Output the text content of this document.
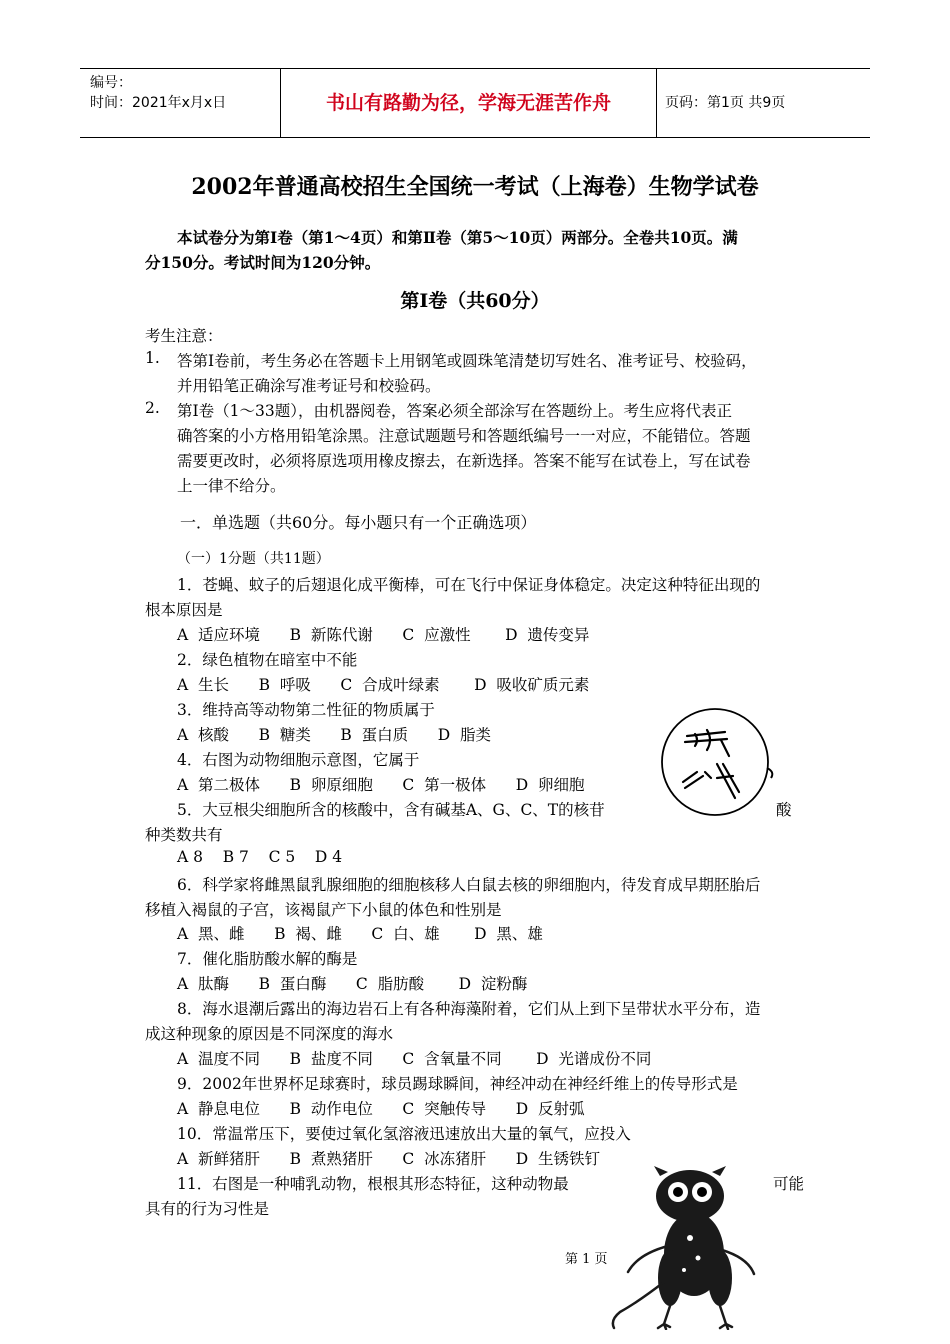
编号：
时间：2021年x月x日	书山有路勤为径，学海无涯苦作舟	页码：第1页 共9页
2002年普通高校招生全国统一考试（上海卷）生物学试卷
本试卷分为第Ⅰ卷（第1～4页）和第Ⅱ卷（第5～10页）两部分。全卷共10页。满
分150分。考试时间为120分钟。
第Ⅰ卷（共60分）
考生注意：
1. 答第Ⅰ卷前，考生务必在答题卡上用钢笔或圆珠笔清楚切写姓名、准考证号、校验码，
并用铅笔正确涂写准考证号和校验码。
2. 第Ⅰ卷（1～33题），由机器阅卷，答案必须全部涂写在答题纷上。考生应将代表正
确答案的小方格用铅笔涂黑。注意试题题号和答题纸编号一一对应，不能错位。答题
需要更改时，必须将原选项用橡皮擦去，在新选择。答案不能写在试卷上，写在试卷
上一律不给分。
一．单选题（共60分。每小题只有一个正确选项）
（一）1分题（共11题）
1．苍蝇、蚊子的后翅退化成平衡棒，可在飞行中保证身体稳定。决定这种特征出现的
根本原因是
A  适应环境      B  新陈代谢      C  应激性       D  遗传变异
2．绿色植物在暗室中不能
A  生长      B  呼吸      C  合成叶绿素       D  吸收矿质元素
3．维持高等动物第二性征的物质属于
A  核酸      B  糖类      B  蛋白质      D  脂类
4．右图为动物细胞示意图，它属于
A  第二极体      B  卵原细胞      C  第一极体      D  卵细胞
5．大豆根尖细胞所含的核酸中，含有碱基A、G、C、T的核苷	酸
种类数共有
A 8    B 7    C 5    D 4
6．科学家将雌黑鼠乳腺细胞的细胞核移人白鼠去核的卵细胞内，待发育成早期胚胎后
移植入褐鼠的子宫，该褐鼠产下小鼠的体色和性别是
A  黑、雌      B  褐、雌      C  白、雄       D  黑、雄
7．催化脂肪酸水解的酶是
A  肽酶      B  蛋白酶      C  脂肪酸       D  淀粉酶
8．海水退潮后露出的海边岩石上有各种海藻附着，它们从上到下呈带状水平分布，造
成这种现象的原因是不同深度的海水
A  温度不同      B  盐度不同      C  含氧量不同       D  光谱成份不同
9．2002年世界杯足球赛时，球员踢球瞬间，神经冲动在神经纤维上的传导形式是
A  静息电位      B  动作电位      C  突触传导      D  反射弧
10．常温常压下，要使过氧化氢溶液迅速放出大量的氧气，应投入
A  新鲜猪肝      B  煮熟猪肝      C  冰冻猪肝      D  生锈铁钉
11．右图是一种哺乳动物，根根其形态特征，这种动物最	可能
具有的行为习性是
第 1 页
